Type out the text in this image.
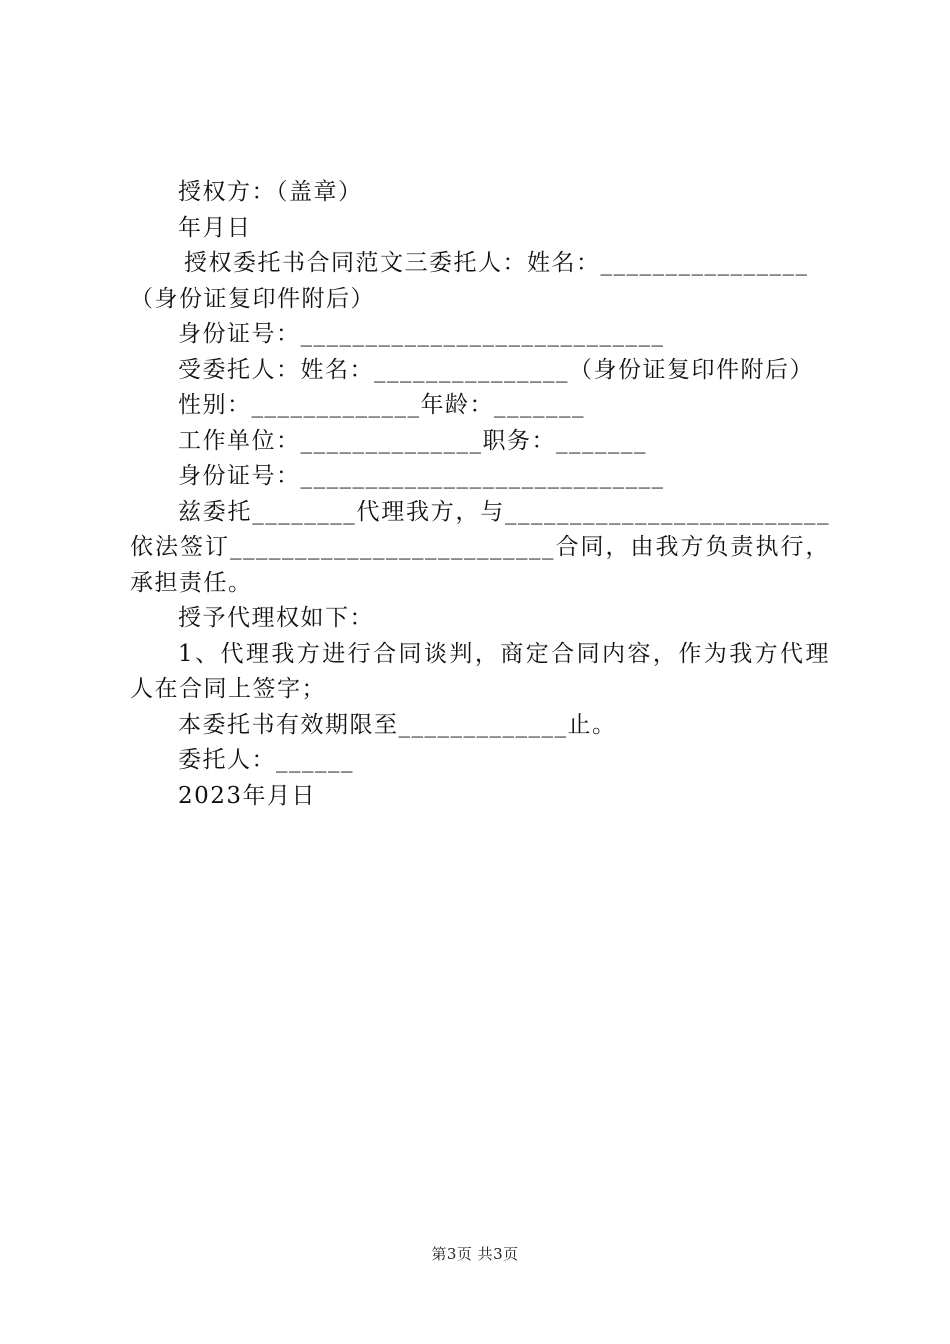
授权方：（盖章）
年月日
授权委托书合同范文三委托人：姓名：________________
（身份证复印件附后）
身份证号：____________________________
受委托人：姓名：_______________（身份证复印件附后）
性别：_____________年龄：_______
工作单位：______________职务：_______
身份证号：____________________________
兹委托________代理我方，与_________________________依法签订_________________________合同，由我方负责执行，承担责任。
授予代理权如下：
1、代理我方进行合同谈判，商定合同内容，作为我方代理人在合同上签字；
本委托书有效期限至_____________止。
委托人：______
2023年月日
第3页 共3页
